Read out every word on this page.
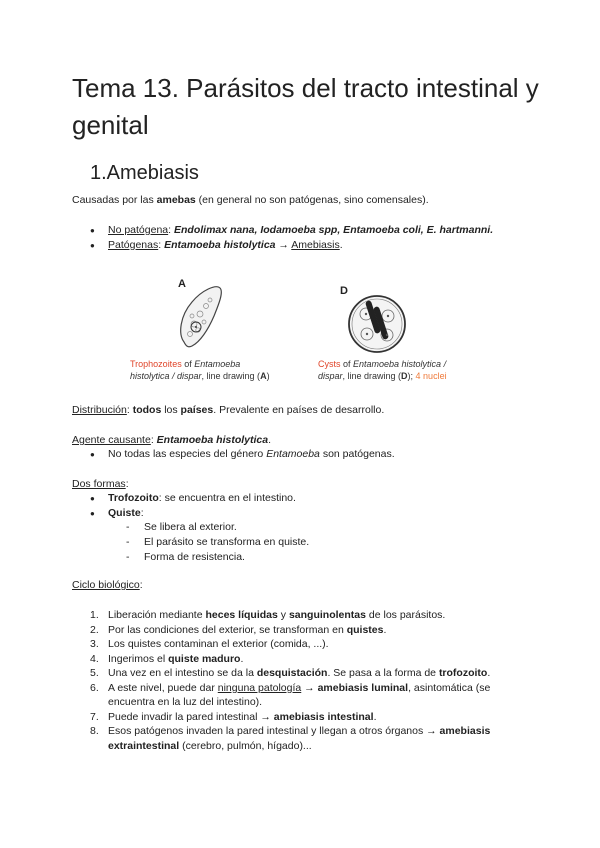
Tema 13. Parásitos del tracto intestinal y genital
1.Amebiasis

Causadas por las amebas (en general no son patógenas, sino comensales).

● No patógena: Endolimax nana, Iodamoeba spp, Entamoeba coli, E. hartmanni.
● Patógenas: Entamoeba histolytica → Amebiasis.
A
D
Trophozoites of Entamoeba
histolytica / dispar, line drawing (A)
Cysts of Entamoeba histolytica /
dispar, line drawing (D); 4 nuclei

Distribución: todos los países. Prevalente en países de desarrollo.

Agente causante: Entamoeba histolytica.

● No todas las especies del género Entamoeba son patógenas.

Dos formas:

● Trofozoito: se encuentra en el intestino.
● Quiste:
- Se libera al exterior.
- El parásito se transforma en quiste.
- Forma de resistencia.

Ciclo biológico:

1. Liberación mediante heces líquidas y sanguinolentas de los parásitos.
2. Por las condiciones del exterior, se transforman en quistes.
3. Los quistes contaminan el exterior (comida, ...).
4. Ingerimos el quiste maduro.
5. Una vez en el intestino se da la desquistación. Se pasa a la forma de trofozoito.
6. A este nivel, puede dar ninguna patología → amebiasis luminal, asintomática (se encuentra en la luz del intestino).
7. Puede invadir la pared intestinal → amebiasis intestinal.
8. Esos patógenos invaden la pared intestinal y llegan a otros órganos → amebiasis extraintestinal (cerebro, pulmón, hígado)...
